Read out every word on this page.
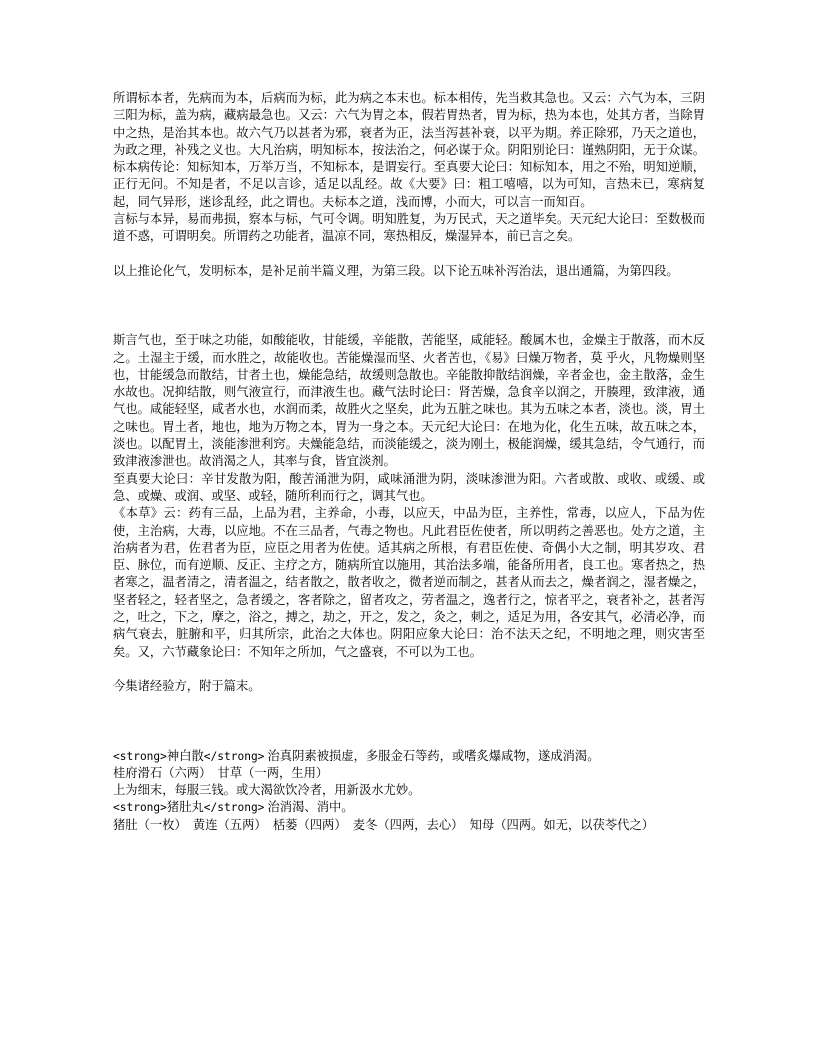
所谓标本者，先病而为本，后病而为标，此为病之本末也。标本相传，先当救其急也。又云：六气为本，三阴三阳为标，盖为病，藏病最急也。又云：六气为胃之本，假若胃热者，胃为标，热为本也，处其方者，当除胃中之热，是治其本也。故六气乃以甚者为邪，衰者为正，法当泻甚补衰，以平为期。养正除邪，乃天之道也，为政之理，补残之义也。大凡治病，明知标本，按法治之，何必谋于众。阴阳别论曰：谨熟阴阳，无于众谋。标本病传论：知标知本，万举万当，不知标本，是谓妄行。至真要大论曰：知标知本，用之不殆，明知逆顺，正行无问。不知是者，不足以言诊，适足以乱经。故《大要》曰：粗工嘻嘻，以为可知，言热未已，寒病复起，同气异形，迷诊乱经，此之谓也。夫标本之道，浅而博，小而大，可以言一而知百。

言标与本异，易而弗损，察本与标，气可令调。明知胜复，为万民式，天之道毕矣。天元纪大论曰：至数极而道不惑，可谓明矣。所谓药之功能者，温凉不同，寒热相反，燥湿异本，前已言之矣。

以上推论化气，发明标本，是补足前半篇义理，为第三段。以下论五味补泻治法，退出通篇，为第四段。

斯言气也，至于味之功能，如酸能收，甘能缓，辛能散，苦能坚，咸能轻。酸属木也，金燥主于散落，而木反之。土湿主于缓，而水胜之，故能收也。苦能燥湿而坚、火者苦也，《易》曰燥万物者，莫 乎火，凡物燥则坚也，甘能缓急而散结，甘者土也，燥能急结，故缓则急散也。辛能散抑散结润燥，辛者金也，金主散落，金生水故也。况抑结散，则气液宣行，而津液生也。藏气法时论曰：肾苦燥，急食辛以润之，开腠理，致津液，通气也。咸能轻坚，咸者水也，水润而柔，故胜火之坚矣，此为五脏之味也。其为五味之本者，淡也。淡，胃土之味也。胃土者，地也，地为万物之本，胃为一身之本。天元纪大论曰：在地为化，化生五味，故五味之本，淡也。以配胃土，淡能渗泄利窍。夫燥能急结，而淡能缓之，淡为刚土，极能润燥，缓其急结，令气通行，而致津液渗泄也。故消渴之人，其率与食，皆宜淡剂。

至真要大论曰：辛甘发散为阳，酸苦涌泄为阴，咸味涌泄为阴，淡味渗泄为阳。六者或散、或收、或缓、或急、或燥、或润、或坚、或轻，随所利而行之，调其气也。

《本草》云：药有三品，上品为君，主养命，小毒，以应天，中品为臣，主养性，常毒，以应人，下品为佐使，主治病，大毒，以应地。不在三品者，气毒之物也。凡此君臣佐使者，所以明药之善恶也。处方之道，主治病者为君，佐君者为臣，应臣之用者为佐使。适其病之所根，有君臣佐使、奇偶小大之制，明其岁攻、君臣、脉位，而有逆顺、反正、主疗之方，随病所宜以施用，其治法多端，能备所用者，良工也。寒者热之，热者寒之，温者清之，清者温之，结者散之，散者收之，微者逆而制之，甚者从而去之，燥者润之，湿者燥之，坚者轻之，轻者坚之，急者缓之，客者除之，留者攻之，劳者温之，逸者行之，惊者平之，衰者补之，甚者泻之，吐之，下之，摩之，浴之，搏之，劫之，开之，发之，灸之，刺之，适足为用，各安其气，必清必净，而病气衰去，脏腑和平，归其所宗，此治之大体也。阴阳应象大论曰：治不法天之纪，不明地之理，则灾害至矣。又，六节藏象论曰：不知年之所加，气之盛衰，不可以为工也。

今集诸经验方，附于篇末。

<strong>神白散</strong> 治真阴素被损虚，多服金石等药，或嗜炙爆咸物，遂成消渴。

桂府滑石（六两）　甘草（一两，生用）

上为细末，每服三钱。或大渴欲饮冷者，用新汲水尤妙。

<strong>猪肚丸</strong> 治消渴、消中。

猪肚（一枚）　黄连（五两）　栝蒌（四两）　麦冬（四两，去心）　知母（四两。如无，以茯苓代之）
